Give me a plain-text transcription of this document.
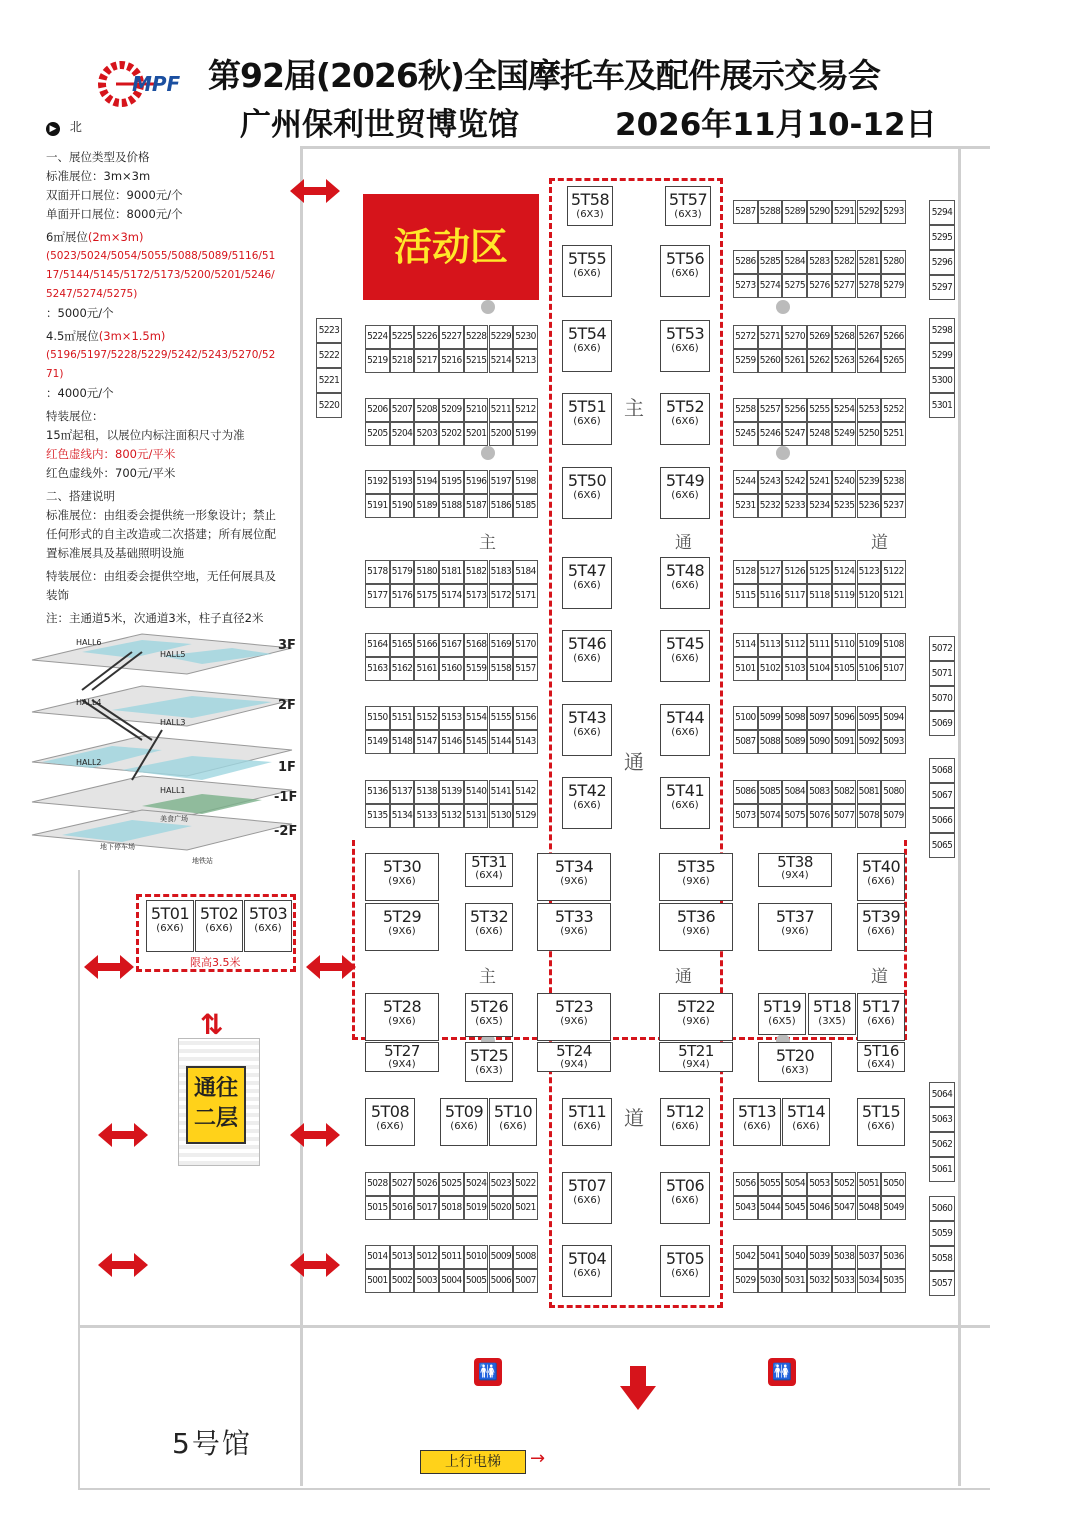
MPF 第92届(2026秋)全国摩托车及配件展示交易会
广州保利世贸博览馆	2026年11月10-12日
▶ 北
一、展位类型及价格
标准展位：3m×3m
双面开口展位：9000元/个
单面开口展位：8000元/个
6㎡展位(2m×3m)
(5023/5024/5054/5055/5088/5089/5116/5117/5144/5145/5172/5173/5200/5201/5246/5247/5274/5275)
：5000元/个
4.5㎡展位(3m×1.5m)
(5196/5197/5228/5229/5242/5243/5270/5271)
：4000元/个
特装展位：
15㎡起租，以展位内标注面积尺寸为准
红色虚线内：800元/平米
红色虚线外：700元/平米
二、搭建说明
标准展位：由组委会提供统一形象设计；禁止任何形式的自主改造或二次搭建；所有展位配置标准展具及基础照明设施
特装展位：由组委会提供空地，无任何展具及装饰
注：主通道5米，次通道3米，柱子直径2米
3F
2F
1F
-1F
-2F
HALL6
HALL5
HALL4
HALL3
HALL2
HALL1
美食广场
地下停车场
地铁站
活动区
限高3.5米
主
主	通	道
通
主	通	道
道
通往二层
⇅
5号馆
上行电梯	→
🚻	🚻
5224 5225 5226 5227 5228 5229 5230
5219 5218 5217 5216 5215 5214 5213
5206 5207 5208 5209 5210 5211 5212
5205 5204 5203 5202 5201 5200 5199
5192 5193 5194 5195 5196 5197 5198
5191 5190 5189 5188 5187 5186 5185
5178 5179 5180 5181 5182 5183 5184
5177 5176 5175 5174 5173 5172 5171
5164 5165 5166 5167 5168 5169 5170
5163 5162 5161 5160 5159 5158 5157
5150 5151 5152 5153 5154 5155 5156
5149 5148 5147 5146 5145 5144 5143
5136 5137 5138 5139 5140 5141 5142
5135 5134 5133 5132 5131 5130 5129
5028 5027 5026 5025 5024 5023 5022
5015 5016 5017 5018 5019 5020 5021
5014 5013 5012 5011 5010 5009 5008
5001 5002 5003 5004 5005 5006 5007
5287 5288 5289 5290 5291 5292 5293
5286 5285 5284 5283 5282 5281 5280
5273 5274 5275 5276 5277 5278 5279
5272 5271 5270 5269 5268 5267 5266
5259 5260 5261 5262 5263 5264 5265
5258 5257 5256 5255 5254 5253 5252
5245 5246 5247 5248 5249 5250 5251
5244 5243 5242 5241 5240 5239 5238
5231 5232 5233 5234 5235 5236 5237
5128 5127 5126 5125 5124 5123 5122
5115 5116 5117 5118 5119 5120 5121
5114 5113 5112 5111 5110 5109 5108
5101 5102 5103 5104 5105 5106 5107
5100 5099 5098 5097 5096 5095 5094
5087 5088 5089 5090 5091 5092 5093
5086 5085 5084 5083 5082 5081 5080
5073 5074 5075 5076 5077 5078 5079
5056 5055 5054 5053 5052 5051 5050
5043 5044 5045 5046 5047 5048 5049
5042 5041 5040 5039 5038 5037 5036
5029 5030 5031 5032 5033 5034 5035
5223
5222
5221
5220
5294
5295
5296
5297
5298
5299
5300
5301
5072
5071
5070
5069
5068
5067
5066
5065
5064
5063
5062
5061
5060
5059
5058
5057
5T58
(6X3)
5T57
(6X3)
5T55
(6X6)
5T56
(6X6)
5T54
(6X6)
5T53
(6X6)
5T51
(6X6)
5T52
(6X6)
5T50
(6X6)
5T49
(6X6)
5T47
(6X6)
5T48
(6X6)
5T46
(6X6)
5T45
(6X6)
5T43
(6X6)
5T44
(6X6)
5T42
(6X6)
5T41
(6X6)
5T30
(9X6)
5T31
(6X4)	5T34
(9X6)
5T35
(9X6)
5T38
(9X4)	5T40
(6X6)
5T29
(9X6)
5T32
(6X6)
5T33
(9X6)
5T36
(9X6)
5T37
(9X6)
5T39
(6X6)
5T01
(6X6)
5T02
(6X6)
5T03
(6X6)
5T28
(9X6)
5T26
(6X5)
5T23
(9X6)
5T22
(9X6)
5T19
(6X5)
5T18
(3X5)
5T17
(6X6)
5T27
(9X4)	5T25
(6X3)
5T24
(9X4)
5T21
(9X4)	5T20
(6X3)
5T16
(6X4)
5T08
(6X6)
5T09
(6X6)
5T10
(6X6)
5T11
(6X6)
5T12
(6X6)
5T13
(6X6)
5T14
(6X6)
5T15
(6X6)
5T07
(6X6)
5T06
(6X6)
5T04
(6X6)
5T05
(6X6)
